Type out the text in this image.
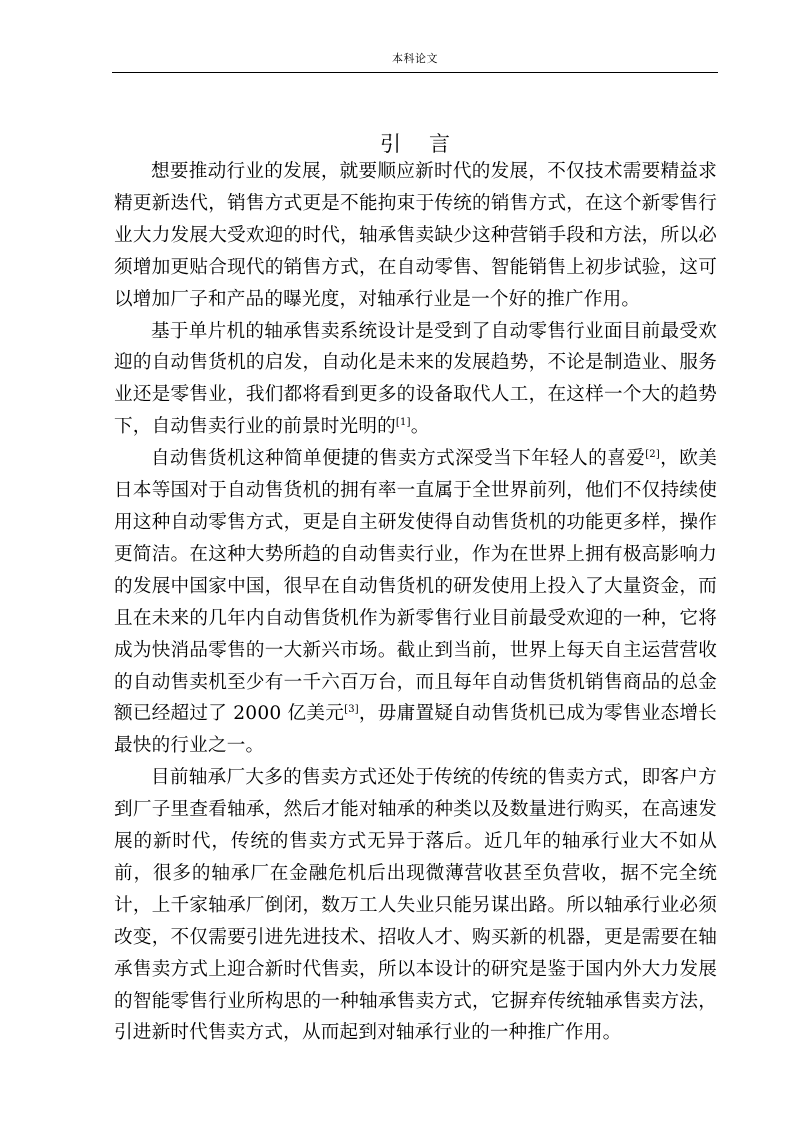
本科论文
引言

想要推动行业的发展，就要顺应新时代的发展，不仅技术需要精益求精更新迭代，销售方式更是不能拘束于传统的销售方式，在这个新零售行业大力发展大受欢迎的时代，轴承售卖缺少这种营销手段和方法，所以必须增加更贴合现代的销售方式，在自动零售、智能销售上初步试验，这可以增加厂子和产品的曝光度，对轴承行业是一个好的推广作用。

基于单片机的轴承售卖系统设计是受到了自动零售行业面目前最受欢迎的自动售货机的启发，自动化是未来的发展趋势，不论是制造业、服务业还是零售业，我们都将看到更多的设备取代人工，在这样一个大的趋势下，自动售卖行业的前景时光明的[1]。

自动售货机这种简单便捷的售卖方式深受当下年轻人的喜爱[2]，欧美日本等国对于自动售货机的拥有率一直属于全世界前列，他们不仅持续使用这种自动零售方式，更是自主研发使得自动售货机的功能更多样，操作更简洁。在这种大势所趋的自动售卖行业，作为在世界上拥有极高影响力的发展中国家中国，很早在自动售货机的研发使用上投入了大量资金，而且在未来的几年内自动售货机作为新零售行业目前最受欢迎的一种，它将成为快消品零售的一大新兴市场。截止到当前，世界上每天自主运营营收的自动售卖机至少有一千六百万台，而且每年自动售货机销售商品的总金额已经超过了 2000 亿美元[3]，毋庸置疑自动售货机已成为零售业态增长最快的行业之一。

目前轴承厂大多的售卖方式还处于传统的传统的售卖方式，即客户方到厂子里查看轴承，然后才能对轴承的种类以及数量进行购买，在高速发展的新时代，传统的售卖方式无异于落后。近几年的轴承行业大不如从前，很多的轴承厂在金融危机后出现微薄营收甚至负营收，据不完全统计，上千家轴承厂倒闭，数万工人失业只能另谋出路。所以轴承行业必须改变，不仅需要引进先进技术、招收人才、购买新的机器，更是需要在轴承售卖方式上迎合新时代售卖，所以本设计的研究是鉴于国内外大力发展的智能零售行业所构思的一种轴承售卖方式，它摒弃传统轴承售卖方法，引进新时代售卖方式，从而起到对轴承行业的一种推广作用。
